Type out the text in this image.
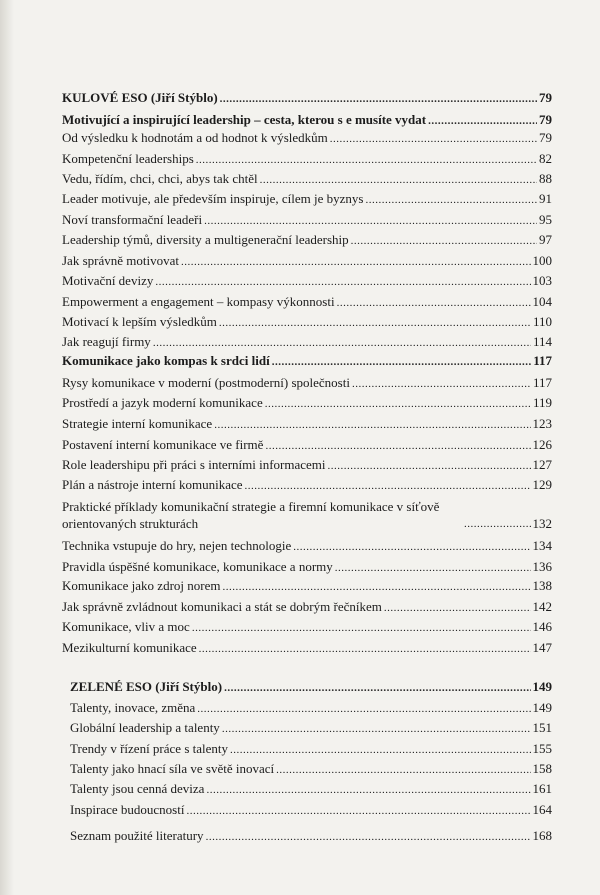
KULOVÉ ESO (Jiří Stýblo) .....	79
Motivující a inspirující leadership – cesta, kterou s e musíte vydat .....	79
Od výsledku k hodnotám a od hodnot k výsledkům .....	79
Kompetenční leaderships .....	82
Vedu, řídím, chci, chci, abys tak chtěl .....	88
Leader motivuje, ale především inspiruje, cílem je byznys .....	91
Noví transformační leadeři .....	95
Leadership týmů, diversity a multigenerační leadership .....	97
Jak správně motivovat .....	100
Motivační devizy .....	103
Empowerment a engagement – kompasy výkonnosti .....	104
Motivací k lepším výsledkům .....	110
Jak reagují firmy .....	114
Komunikace jako kompas k srdci lidí .....	117
Rysy komunikace v moderní (postmoderní) společnosti .....	117
Prostředí a jazyk moderní komunikace .....	119
Strategie interní komunikace .....	123
Postavení interní komunikace ve firmě .....	126
Role leadershipu při práci s interními informacemi .....	127
Plán a nástroje interní komunikace .....	129
Praktické příklady komunikační strategie a firemní komunikace v síťově orientovaných strukturách .....	132
Technika vstupuje do hry, nejen technologie .....	134
Pravidla úspěšné komunikace, komunikace a normy .....	136
Komunikace jako zdroj norem .....	138
Jak správně zvládnout komunikaci a stát se dobrým řečníkem .....	142
Komunikace, vliv a moc .....	146
Mezikulturní komunikace .....	147
ZELENÉ ESO (Jiří Stýblo) .....	149
Talenty, inovace, změna .....	149
Globální leadership a talenty .....	151
Trendy v řízení práce s talenty .....	155
Talenty jako hnací síla ve světě inovací .....	158
Talenty jsou cenná deviza .....	161
Inspirace budoucností .....	164
Seznam použité literatury .....	168
